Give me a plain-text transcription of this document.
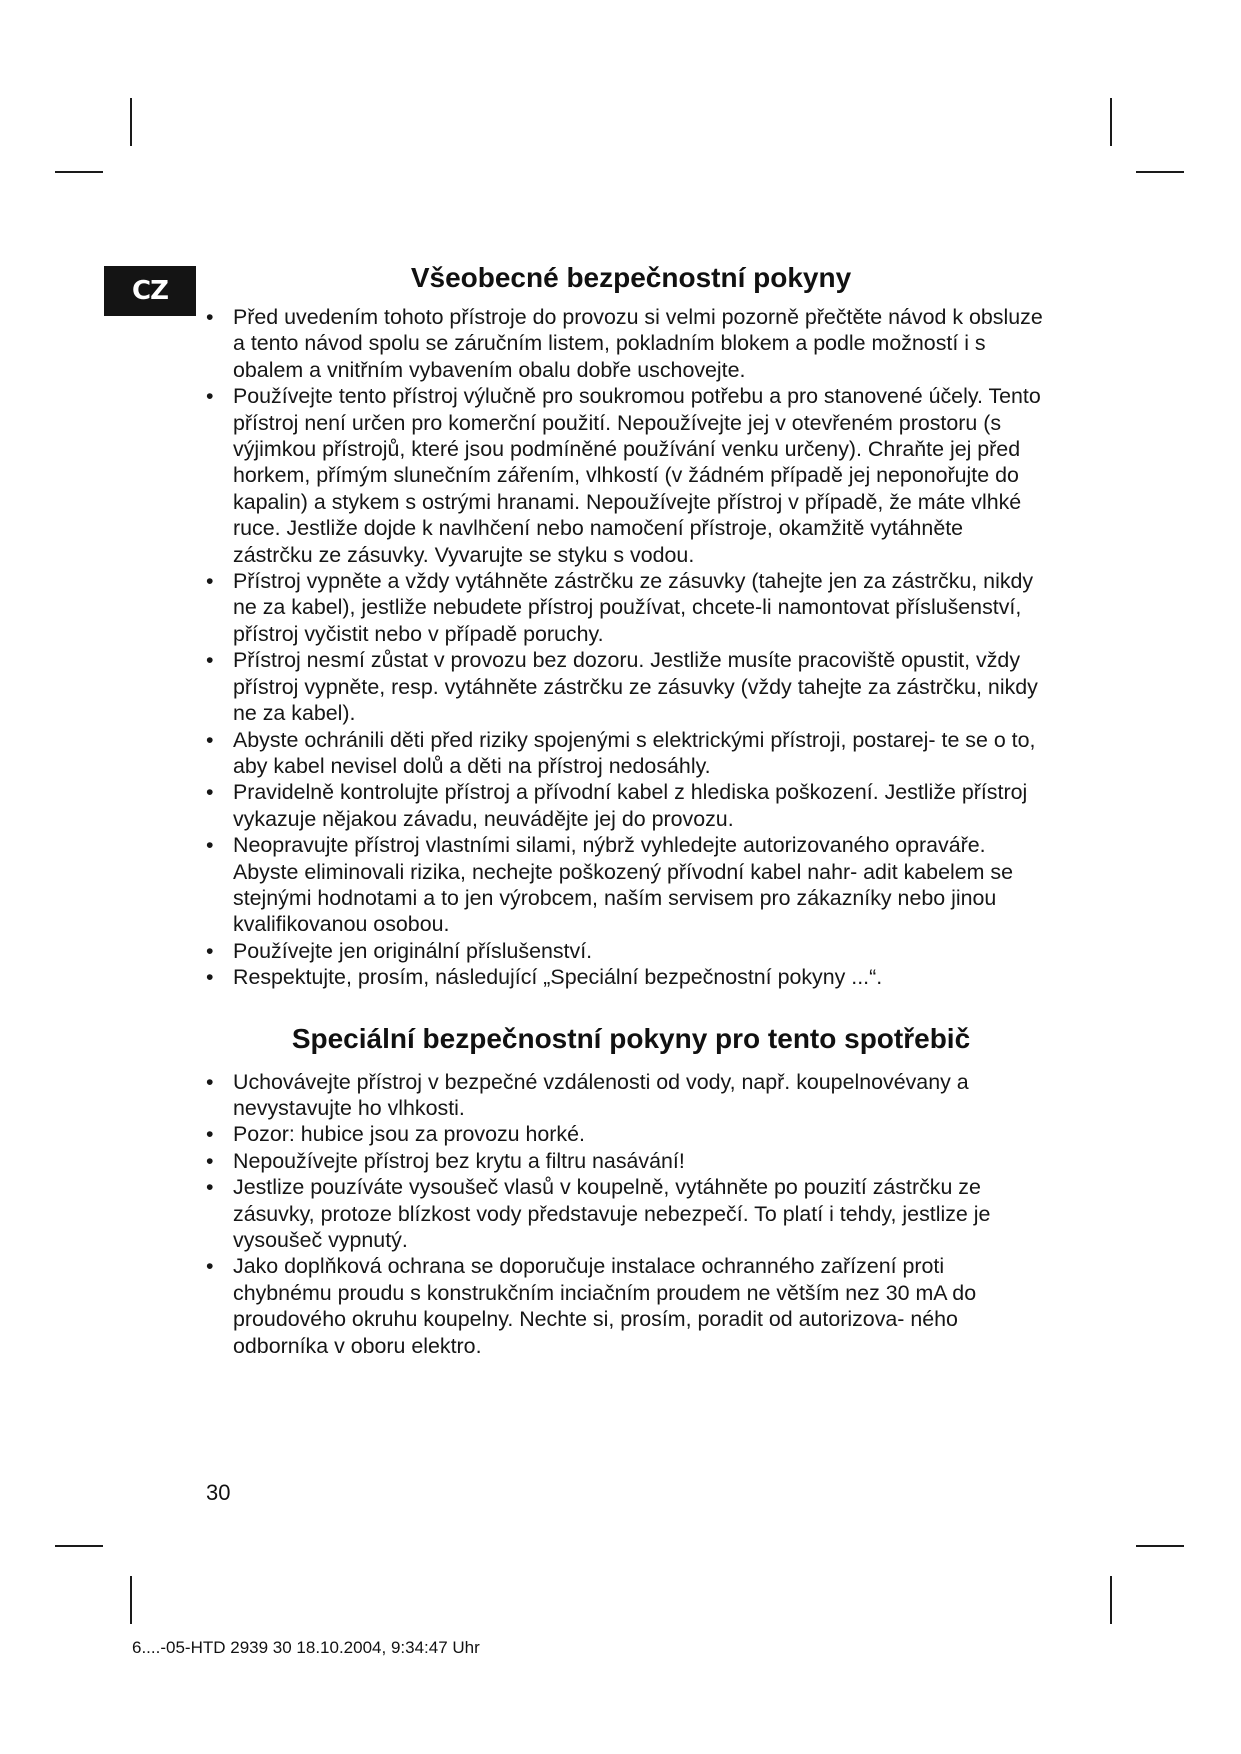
CZ	Všeobecné bezpečnostní pokyny
• Před uvedením tohoto přístroje do provozu si velmi pozorně přečtěte návod k obsluze a tento návod spolu se záručním listem, pokladním blokem a podle možností i s obalem a vnitřním vybavením obalu dobře uschovejte.
• Používejte tento přístroj výlučně pro soukromou potřebu a pro stanovené účely. Tento přístroj není určen pro komerční použití. Nepoužívejte jej v otevřeném prostoru (s výjimkou přístrojů, které jsou podmíněné používání venku určeny). Chraňte jej před horkem, přímým slunečním zářením, vlhkostí (v žádném případě jej neponořujte do kapalin) a stykem s ostrými hranami. Nepoužívejte přístroj v případě, že máte vlhké ruce. Jestliže dojde k navlhčení nebo namočení přístroje, okamžitě vytáhněte zástrčku ze zásuvky. Vyvarujte se styku s vodou.
• Přístroj vypněte a vždy vytáhněte zástrčku ze zásuvky (tahejte jen za zástrčku, nikdy ne za kabel), jestliže nebudete přístroj používat, chcete-li namontovat příslušenství, přístroj vyčistit nebo v případě poruchy.
• Přístroj nesmí zůstat v provozu bez dozoru. Jestliže musíte pracoviště opustit, vždy přístroj vypněte, resp. vytáhněte zástrčku ze zásuvky (vždy tahejte za zástrčku, nikdy ne za kabel).
• Abyste ochránili děti před riziky spojenými s elektrickými přístroji, postarej- te se o to, aby kabel nevisel dolů a děti na přístroj nedosáhly.
• Pravidelně kontrolujte přístroj a přívodní kabel z hlediska poškození. Jestliže přístroj vykazuje nějakou závadu, neuvádějte jej do provozu.
• Neopravujte přístroj vlastními silami, nýbrž vyhledejte autorizovaného opraváře. Abyste eliminovali rizika, nechejte poškozený přívodní kabel nahr- adit kabelem se stejnými hodnotami a to jen výrobcem, naším servisem pro zákazníky nebo jinou kvalifikovanou osobou.
• Používejte jen originální příslušenství.
• Respektujte, prosím, následující „Speciální bezpečnostní pokyny ...“.
Speciální bezpečnostní pokyny pro tento spotřebič
• Uchovávejte přístroj v bezpečné vzdálenosti od vody, např. koupelnovévany a nevystavujte ho vlhkosti.
• Pozor: hubice jsou za provozu horké.
• Nepoužívejte přístroj bez krytu a filtru nasávání!
• Jestlize pouzíváte vysoušeč vlasů v koupelně, vytáhněte po pouzití zástrčku ze zásuvky, protoze blízkost vody představuje nebezpečí. To platí i tehdy, jestlize je vysoušeč vypnutý.
• Jako doplňková ochrana se doporučuje instalace ochranného zařízení proti chybnému proudu s konstrukčním inciačním proudem ne větším nez 30 mA do proudového okruhu koupelny. Nechte si, prosím, poradit od autorizova- ného odborníka v oboru elektro.
30
6....-05-HTD 2939 30 18.10.2004, 9:34:47 Uhr
